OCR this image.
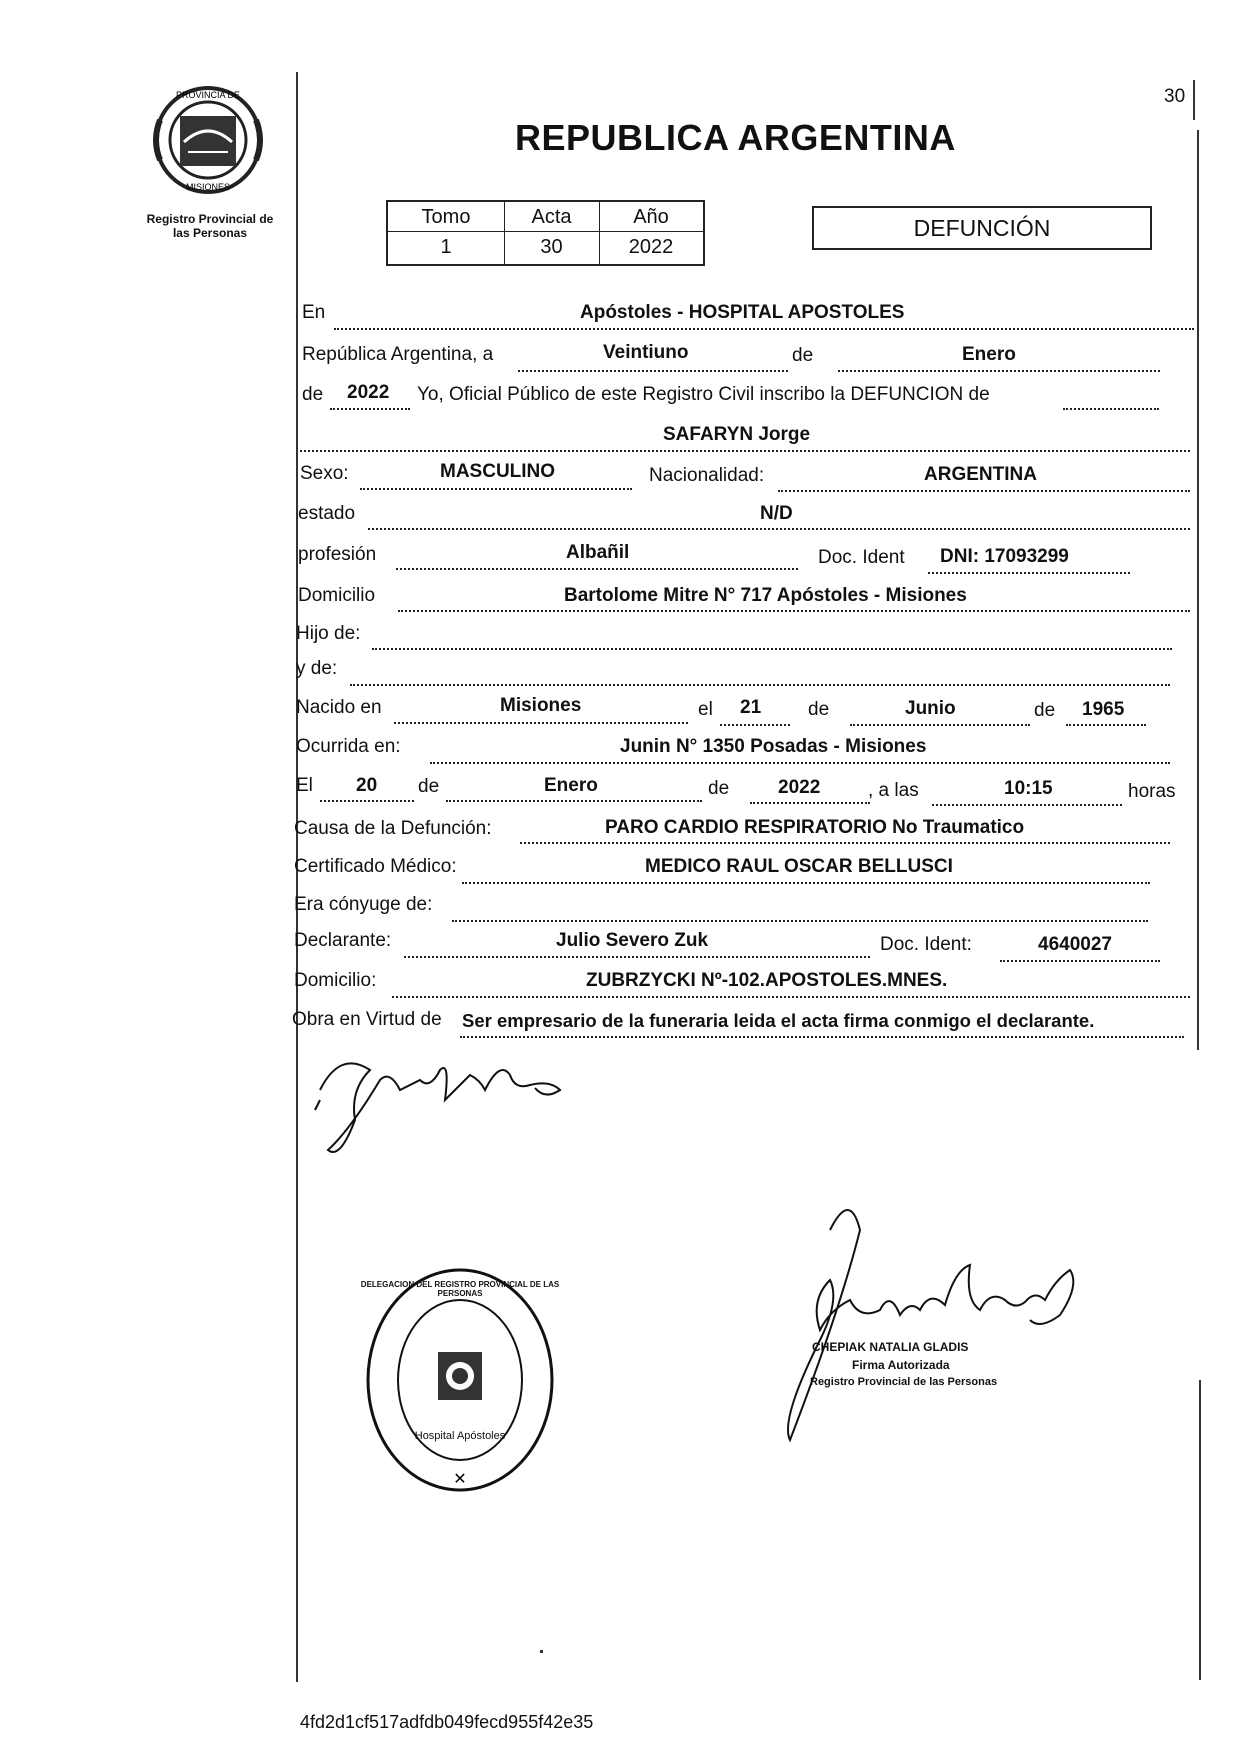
PROVINCIA DE
MISIONES
Registro Provincial de
las Personas
30
REPUBLICA ARGENTINA
Tomo	Acta	Año
1	30	2022
DEFUNCIÓN
En	Apóstoles - HOSPITAL APOSTOLES
República Argentina, a	Veintiuno	de	Enero
de 2022 Yo, Oficial Público de este Registro Civil inscribo la DEFUNCION de
SAFARYN Jorge
Sexo:	MASCULINO	Nacionalidad:	ARGENTINA
estado	N/D
profesión	Albañil	Doc. Ident DNI: 17093299
Domicilio	Bartolome Mitre N° 717 Apóstoles - Misiones
Hijo de:
y de:
Nacido en	Misiones	el 21 de	Junio	de 1965
Ocurrida en:	Junin N° 1350 Posadas - Misiones
El 20 de	Enero	de	2022	, a las	10:15	horas
Causa de la Defunción:	PARO CARDIO RESPIRATORIO No Traumatico
Certificado Médico:	MEDICO RAUL OSCAR BELLUSCI
Era cónyuge de:
Declarante:	Julio Severo Zuk	Doc. Ident:	4640027
Domicilio:	ZUBRZYCKI Nº-102.APOSTOLES.MNES.
Obra en Virtud de Ser empresario de la funeraria leida el acta firma conmigo el declarante.
✕
DELEGACION DEL REGISTRO PROVINCIAL DE LAS PERSONAS
Hospital Apóstoles
CHEPIAK NATALIA GLADIS
Firma Autorizada
Registro Provincial de las Personas
4fd2d1cf517adfdb049fecd955f42e35
